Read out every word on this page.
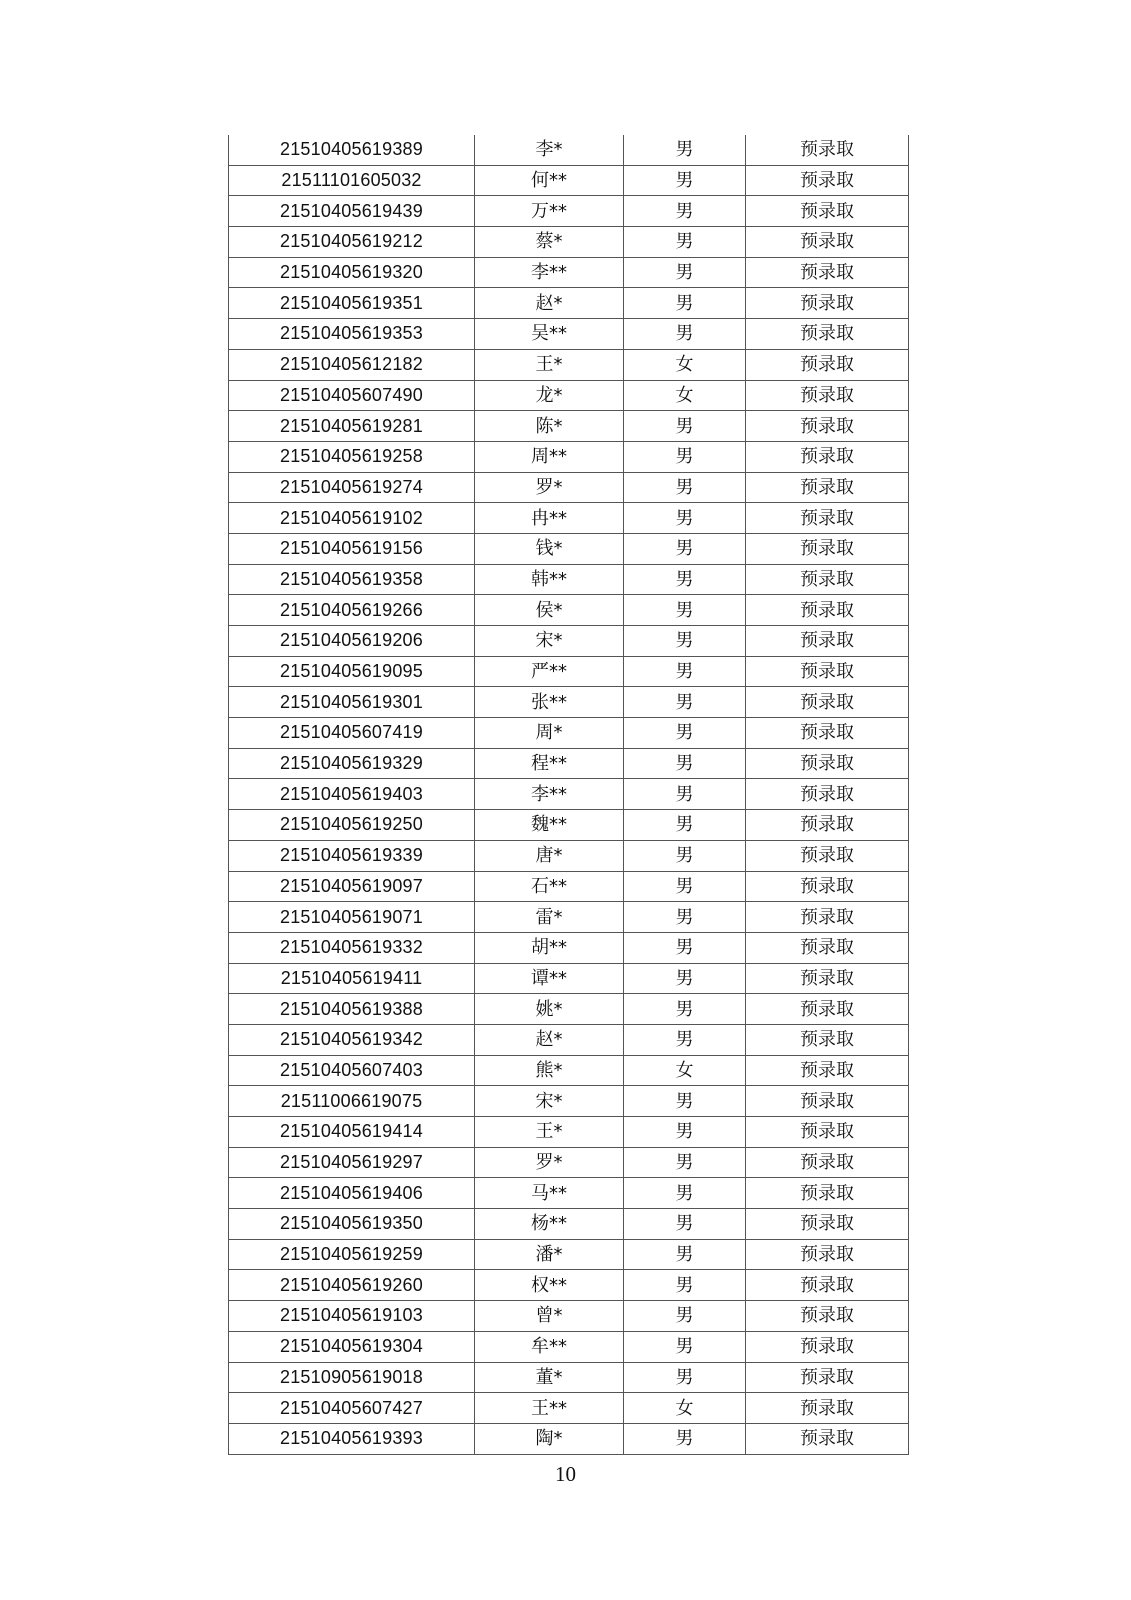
21510405619389	李*	男	预录取
21511101605032	何**	男	预录取
21510405619439	万**	男	预录取
21510405619212	蔡*	男	预录取
21510405619320	李**	男	预录取
21510405619351	赵*	男	预录取
21510405619353	吴**	男	预录取
21510405612182	王*	女	预录取
21510405607490	龙*	女	预录取
21510405619281	陈*	男	预录取
21510405619258	周**	男	预录取
21510405619274	罗*	男	预录取
21510405619102	冉**	男	预录取
21510405619156	钱*	男	预录取
21510405619358	韩**	男	预录取
21510405619266	侯*	男	预录取
21510405619206	宋*	男	预录取
21510405619095	严**	男	预录取
21510405619301	张**	男	预录取
21510405607419	周*	男	预录取
21510405619329	程**	男	预录取
21510405619403	李**	男	预录取
21510405619250	魏**	男	预录取
21510405619339	唐*	男	预录取
21510405619097	石**	男	预录取
21510405619071	雷*	男	预录取
21510405619332	胡**	男	预录取
21510405619411	谭**	男	预录取
21510405619388	姚*	男	预录取
21510405619342	赵*	男	预录取
21510405607403	熊*	女	预录取
21511006619075	宋*	男	预录取
21510405619414	王*	男	预录取
21510405619297	罗*	男	预录取
21510405619406	马**	男	预录取
21510405619350	杨**	男	预录取
21510405619259	潘*	男	预录取
21510405619260	权**	男	预录取
21510405619103	曾*	男	预录取
21510405619304	牟**	男	预录取
21510905619018	董*	男	预录取
21510405607427	王**	女	预录取
21510405619393	陶*	男	预录取
10
